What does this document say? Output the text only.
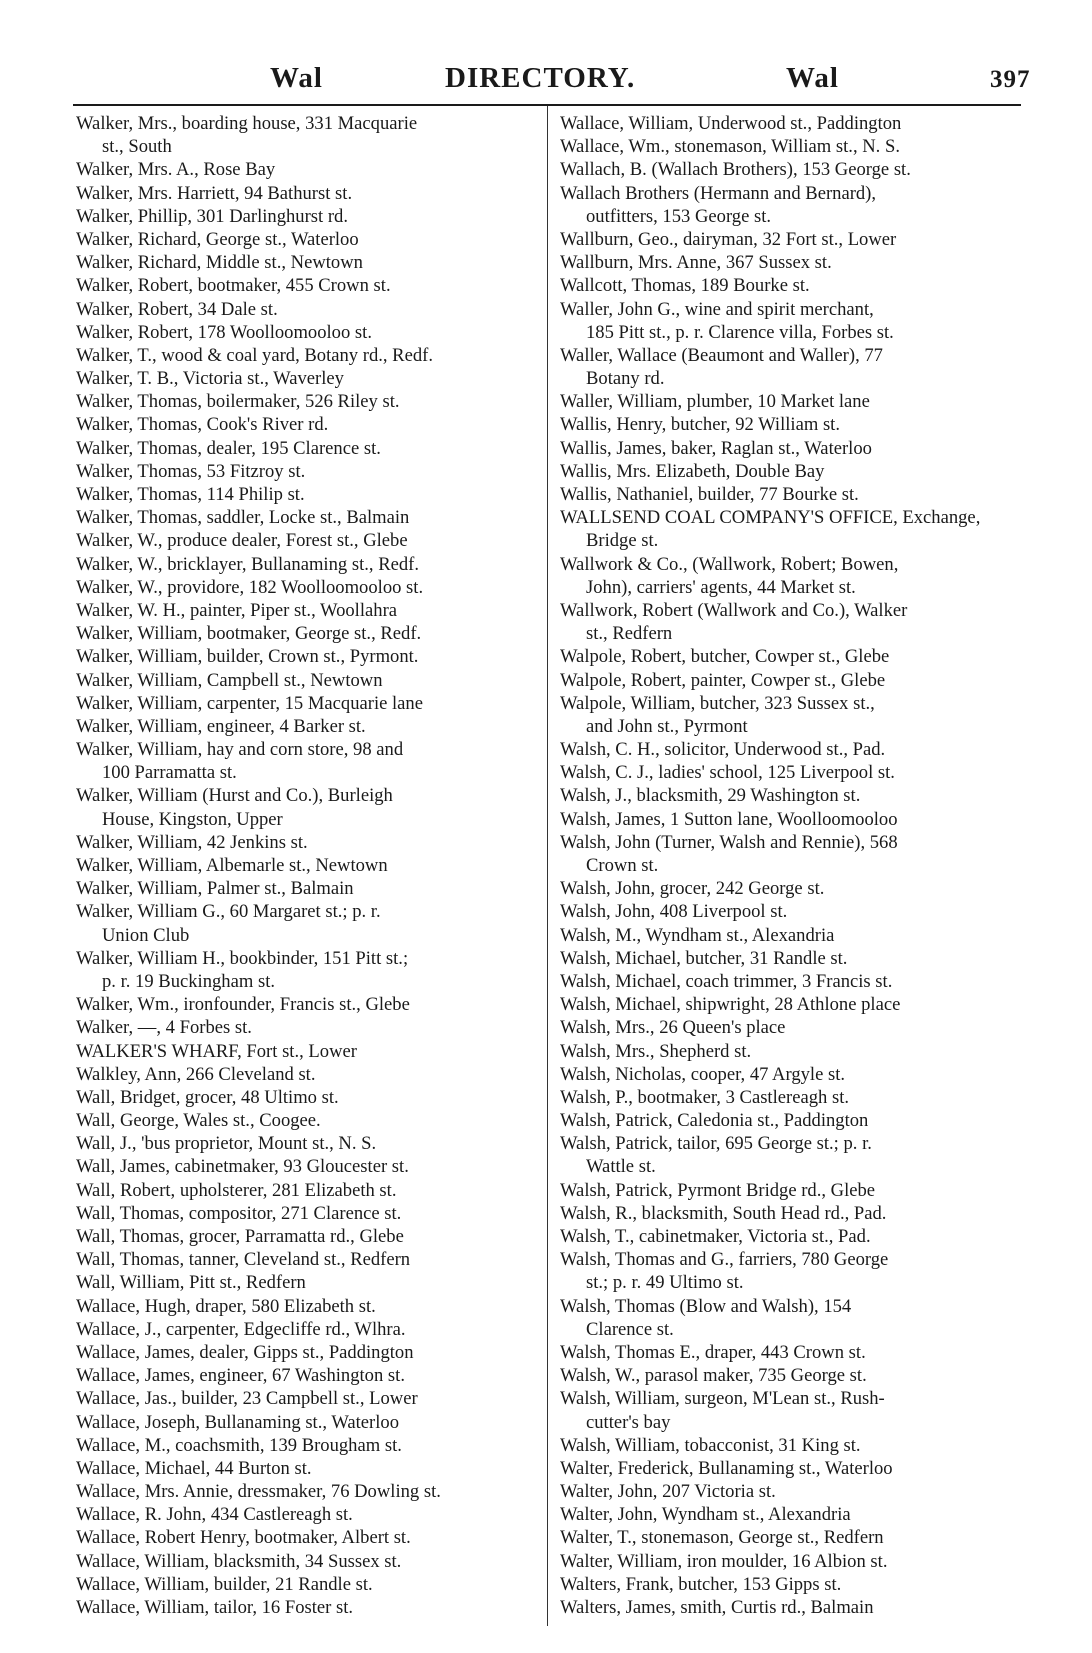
Wal	DIRECTORY.	Wal	397
Walker, Mrs., boarding house, 331 Macquarie
st., South
Walker, Mrs. A., Rose Bay
Walker, Mrs. Harriett, 94 Bathurst st.
Walker, Phillip, 301 Darlinghurst rd.
Walker, Richard, George st., Waterloo
Walker, Richard, Middle st., Newtown
Walker, Robert, bootmaker, 455 Crown st.
Walker, Robert, 34 Dale st.
Walker, Robert, 178 Woolloomooloo st.
Walker, T., wood & coal yard, Botany rd., Redf.
Walker, T. B., Victoria st., Waverley
Walker, Thomas, boilermaker, 526 Riley st.
Walker, Thomas, Cook's River rd.
Walker, Thomas, dealer, 195 Clarence st.
Walker, Thomas, 53 Fitzroy st.
Walker, Thomas, 114 Philip st.
Walker, Thomas, saddler, Locke st., Balmain
Walker, W., produce dealer, Forest st., Glebe
Walker, W., bricklayer, Bullanaming st., Redf.
Walker, W., providore, 182 Woolloomooloo st.
Walker, W. H., painter, Piper st., Woollahra
Walker, William, bootmaker, George st., Redf.
Walker, William, builder, Crown st., Pyrmont.
Walker, William, Campbell st., Newtown
Walker, William, carpenter, 15 Macquarie lane
Walker, William, engineer, 4 Barker st.
Walker, William, hay and corn store, 98 and
100 Parramatta st.
Walker, William (Hurst and Co.), Burleigh
House, Kingston, Upper
Walker, William, 42 Jenkins st.
Walker, William, Albemarle st., Newtown
Walker, William, Palmer st., Balmain
Walker, William G., 60 Margaret st.; p. r.
Union Club
Walker, William H., bookbinder, 151 Pitt st.;
p. r. 19 Buckingham st.
Walker, Wm., ironfounder, Francis st., Glebe
Walker, —, 4 Forbes st.
WALKER'S WHARF, Fort st., Lower
Walkley, Ann, 266 Cleveland st.
Wall, Bridget, grocer, 48 Ultimo st.
Wall, George, Wales st., Coogee.
Wall, J., 'bus proprietor, Mount st., N. S.
Wall, James, cabinetmaker, 93 Gloucester st.
Wall, Robert, upholsterer, 281 Elizabeth st.
Wall, Thomas, compositor, 271 Clarence st.
Wall, Thomas, grocer, Parramatta rd., Glebe
Wall, Thomas, tanner, Cleveland st., Redfern
Wall, William, Pitt st., Redfern
Wallace, Hugh, draper, 580 Elizabeth st.
Wallace, J., carpenter, Edgecliffe rd., Wlhra.
Wallace, James, dealer, Gipps st., Paddington
Wallace, James, engineer, 67 Washington st.
Wallace, Jas., builder, 23 Campbell st., Lower
Wallace, Joseph, Bullanaming st., Waterloo
Wallace, M., coachsmith, 139 Brougham st.
Wallace, Michael, 44 Burton st.
Wallace, Mrs. Annie, dressmaker, 76 Dowling st.
Wallace, R. John, 434 Castlereagh st.
Wallace, Robert Henry, bootmaker, Albert st.
Wallace, William, blacksmith, 34 Sussex st.
Wallace, William, builder, 21 Randle st.
Wallace, William, tailor, 16 Foster st.
Wallace, William, Underwood st., Paddington
Wallace, Wm., stonemason, William st., N. S.
Wallach, B. (Wallach Brothers), 153 George st.
Wallach Brothers (Hermann and Bernard),
outfitters, 153 George st.
Wallburn, Geo., dairyman, 32 Fort st., Lower
Wallburn, Mrs. Anne, 367 Sussex st.
Wallcott, Thomas, 189 Bourke st.
Waller, John G., wine and spirit merchant,
185 Pitt st., p. r. Clarence villa, Forbes st.
Waller, Wallace (Beaumont and Waller), 77
Botany rd.
Waller, William, plumber, 10 Market lane
Wallis, Henry, butcher, 92 William st.
Wallis, James, baker, Raglan st., Waterloo
Wallis, Mrs. Elizabeth, Double Bay
Wallis, Nathaniel, builder, 77 Bourke st.
WALLSEND COAL COMPANY'S OFFICE, Exchange,
Bridge st.
Wallwork & Co., (Wallwork, Robert; Bowen,
John), carriers' agents, 44 Market st.
Wallwork, Robert (Wallwork and Co.), Walker
st., Redfern
Walpole, Robert, butcher, Cowper st., Glebe
Walpole, Robert, painter, Cowper st., Glebe
Walpole, William, butcher, 323 Sussex st.,
and John st., Pyrmont
Walsh, C. H., solicitor, Underwood st., Pad.
Walsh, C. J., ladies' school, 125 Liverpool st.
Walsh, J., blacksmith, 29 Washington st.
Walsh, James, 1 Sutton lane, Woolloomooloo
Walsh, John (Turner, Walsh and Rennie), 568
Crown st.
Walsh, John, grocer, 242 George st.
Walsh, John, 408 Liverpool st.
Walsh, M., Wyndham st., Alexandria
Walsh, Michael, butcher, 31 Randle st.
Walsh, Michael, coach trimmer, 3 Francis st.
Walsh, Michael, shipwright, 28 Athlone place
Walsh, Mrs., 26 Queen's place
Walsh, Mrs., Shepherd st.
Walsh, Nicholas, cooper, 47 Argyle st.
Walsh, P., bootmaker, 3 Castlereagh st.
Walsh, Patrick, Caledonia st., Paddington
Walsh, Patrick, tailor, 695 George st.; p. r.
Wattle st.
Walsh, Patrick, Pyrmont Bridge rd., Glebe
Walsh, R., blacksmith, South Head rd., Pad.
Walsh, T., cabinetmaker, Victoria st., Pad.
Walsh, Thomas and G., farriers, 780 George
st.; p. r. 49 Ultimo st.
Walsh, Thomas (Blow and Walsh), 154
Clarence st.
Walsh, Thomas E., draper, 443 Crown st.
Walsh, W., parasol maker, 735 George st.
Walsh, William, surgeon, M'Lean st., Rush-
cutter's bay
Walsh, William, tobacconist, 31 King st.
Walter, Frederick, Bullanaming st., Waterloo
Walter, John, 207 Victoria st.
Walter, John, Wyndham st., Alexandria
Walter, T., stonemason, George st., Redfern
Walter, William, iron moulder, 16 Albion st.
Walters, Frank, butcher, 153 Gipps st.
Walters, James, smith, Curtis rd., Balmain
